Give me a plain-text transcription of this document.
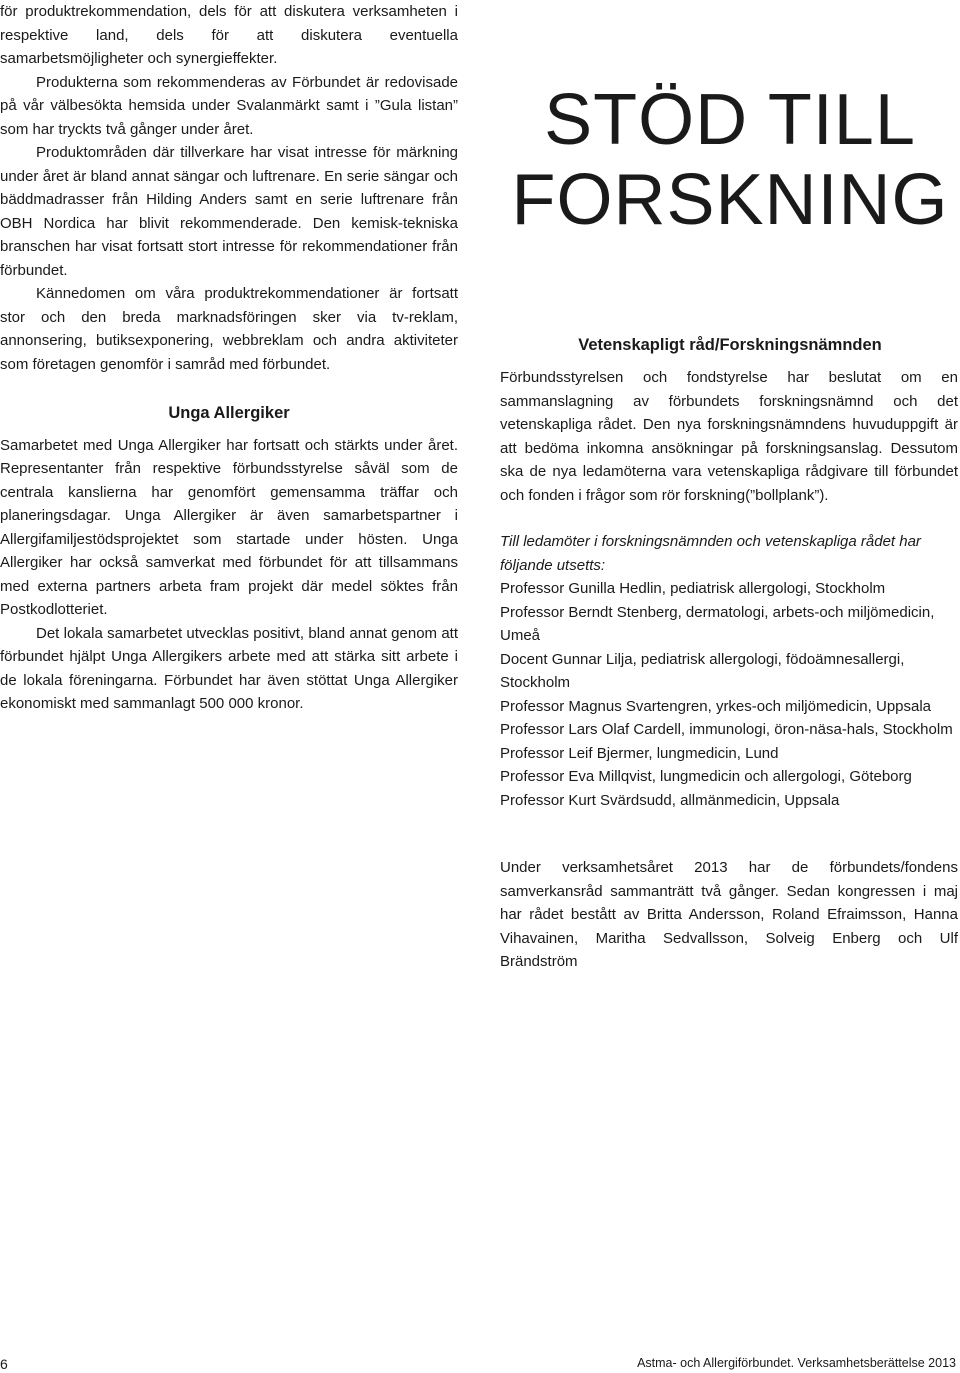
för produktrekommendation, dels för att diskutera verksamheten i respektive land, dels för att diskutera eventuella samarbetsmöjligheter och synergieffekter.

Produkterna som rekommenderas av Förbundet är redovisade på vår välbesökta hemsida under Svalanmärkt samt i ”Gula listan” som har tryckts två gånger under året.

Produktområden där tillverkare har visat intresse för märkning under året är bland annat sängar och luftrenare. En serie sängar och bäddmadrasser från Hilding Anders samt en serie luftrenare från OBH Nordica har blivit rekommenderade. Den kemisk-tekniska branschen har visat fortsatt stort intresse för rekommendationer från förbundet.

Kännedomen om våra produktrekommendationer är fortsatt stor och den breda marknadsföringen sker via tv-reklam, annonsering, butiksexponering, webbreklam och andra aktiviteter som företagen genomför i samråd med förbundet.

Unga Allergiker

Samarbetet med Unga Allergiker har fortsatt och stärkts under året. Representanter från respektive förbundsstyrelse såväl som de centrala kanslierna har genomfört gemensamma träffar och planeringsdagar. Unga Allergiker är även samarbetspartner i Allergifamiljestödsprojektet som startade under hösten. Unga Allergiker har också samverkat med förbundet för att tillsammans med externa partners arbeta fram projekt där medel söktes från Postkodlotteriet.

Det lokala samarbetet utvecklas positivt, bland annat genom att förbundet hjälpt Unga Allergikers arbete med att stärka sitt arbete i de lokala föreningarna. Förbundet har även stöttat Unga Allergiker ekonomiskt med sammanlagt 500 000 kronor.

STÖD TILL
FORSKNING
Vetenskapligt råd/Forskningsnämnden

Förbundsstyrelsen och fondstyrelse har beslutat om en sammanslagning av förbundets forskningsnämnd och det vetenskapliga rådet. Den nya forskningsnämndens huvuduppgift är att bedöma inkomna ansökningar på forskningsanslag. Dessutom ska de nya ledamöterna vara vetenskapliga rådgivare till förbundet och fonden i frågor som rör forskning(”bollplank”).

Till ledamöter i forskningsnämnden och vetenskapliga rådet har följande utsetts:
Professor Gunilla Hedlin, pediatrisk allergologi, Stockholm
Professor Berndt Stenberg, dermatologi, arbets-och miljömedicin, Umeå
Docent Gunnar Lilja, pediatrisk allergologi, födoämnesallergi, Stockholm
Professor Magnus Svartengren, yrkes-och miljömedicin, Uppsala
Professor Lars Olaf Cardell, immunologi, öron-näsa-hals, Stockholm
Professor Leif Bjermer, lungmedicin, Lund
Professor Eva Millqvist, lungmedicin och allergologi, Göteborg
Professor Kurt Svärdsudd, allmänmedicin, Uppsala

Under verksamhetsåret 2013 har de förbundets/fondens samverkansråd sammanträtt två gånger. Sedan kongressen i maj har rådet bestått av Britta Andersson, Roland Efraimsson, Hanna Vihavainen, Maritha Sedvallsson, Solveig Enberg och Ulf Brändström

6	Astma- och Allergiförbundet. Verksamhetsberättelse 2013
